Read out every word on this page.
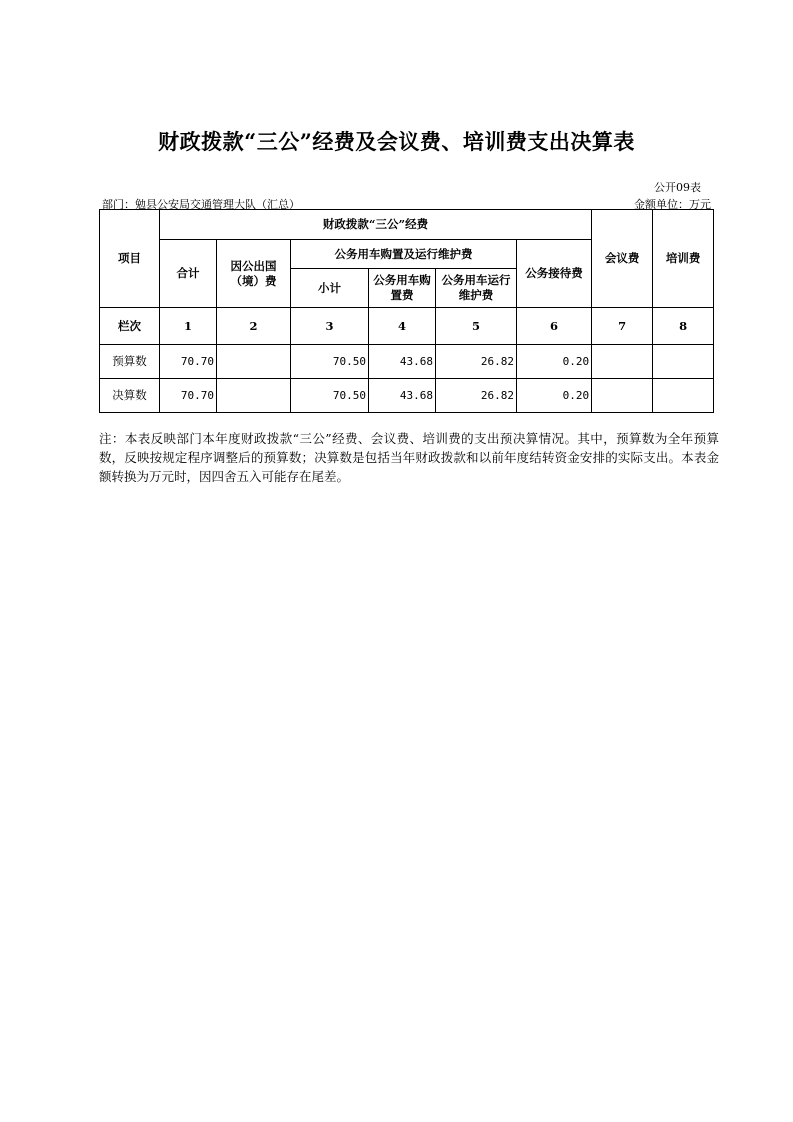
财政拨款“三公”经费及会议费、培训费支出决算表
公开09表
部门：勉县公安局交通管理大队（汇总）	金额单位：万元
项目	财政拨款“三公”经费						会议费	培训费
	合计	因公出国（境）费	公务用车购置及运行维护费			公务接待费		
			小计	公务用车购置费	公务用车运行维护费			
栏次	1	2	3	4	5	6	7	8
预算数	70.70		70.50	43.68	26.82	0.20		
决算数	70.70		70.50	43.68	26.82	0.20		
注：本表反映部门本年度财政拨款“三公”经费、会议费、培训费的支出预决算情况。其中，预算数为全年预算数，反映按规定程序调整后的预算数；决算数是包括当年财政拨款和以前年度结转资金安排的实际支出。本表金额转换为万元时，因四舍五入可能存在尾差。
